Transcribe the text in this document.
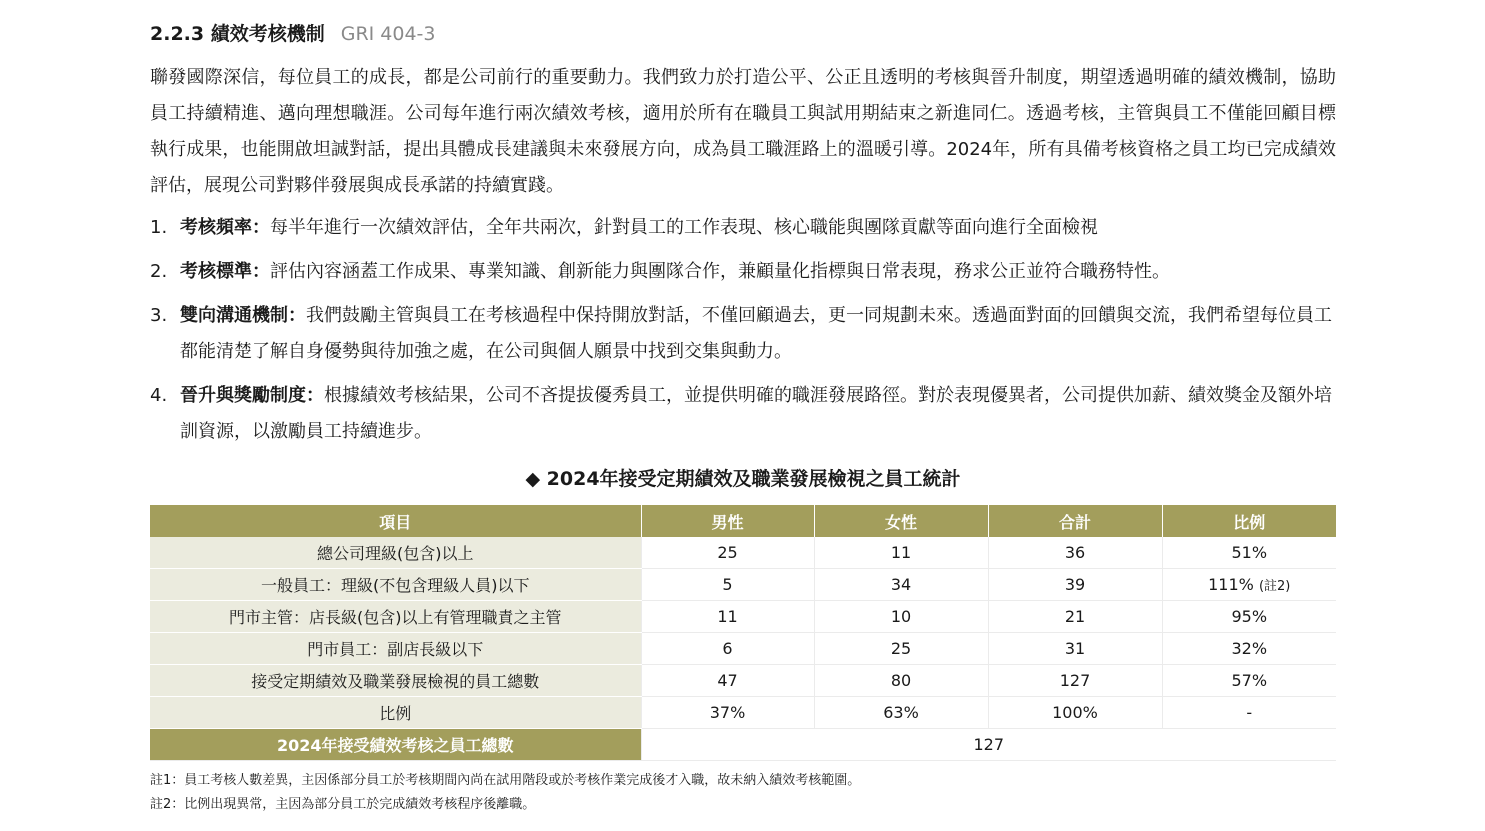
2.2.3 績效考核機制 GRI 404-3

聯發國際深信，每位員工的成長，都是公司前行的重要動力。我們致力於打造公平、公正且透明的考核與晉升制度，期望透過明確的績效機制，協助員工持續精進、邁向理想職涯。公司每年進行兩次績效考核，適用於所有在職員工與試用期結束之新進同仁。透過考核，主管與員工不僅能回顧目標執行成果，也能開啟坦誠對話，提出具體成長建議與未來發展方向，成為員工職涯路上的溫暖引導。2024年，所有具備考核資格之員工均已完成績效評估，展現公司對夥伴發展與成長承諾的持續實踐。

1. 考核頻率：每半年進行一次績效評估，全年共兩次，針對員工的工作表現、核心職能與團隊貢獻等面向進行全面檢視
2. 考核標準：評估內容涵蓋工作成果、專業知識、創新能力與團隊合作，兼顧量化指標與日常表現，務求公正並符合職務特性。
3. 雙向溝通機制：我們鼓勵主管與員工在考核過程中保持開放對話，不僅回顧過去，更一同規劃未來。透過面對面的回饋與交流，我們希望每位員工都能清楚了解自身優勢與待加強之處，在公司與個人願景中找到交集與動力。
4. 晉升與獎勵制度：根據績效考核結果，公司不吝提拔優秀員工，並提供明確的職涯發展路徑。對於表現優異者，公司提供加薪、績效獎金及額外培訓資源，以激勵員工持續進步。
◆ 2024年接受定期績效及職業發展檢視之員工統計
項目	男性	女性	合計	比例
總公司理級(包含)以上	25	11	36	51%
一般員工：理級(不包含理級人員)以下	5	34	39	111% (註2)
門市主管：店長級(包含)以上有管理職責之主管	11	10	21	95%
門市員工：副店長級以下	6	25	31	32%
接受定期績效及職業發展檢視的員工總數	47	80	127	57%
比例	37%	63%	100%	-
2024年接受績效考核之員工總數	127			
註1：員工考核人數差異，主因係部分員工於考核期間內尚在試用階段或於考核作業完成後才入職，故未納入績效考核範圍。
註2：比例出現異常，主因為部分員工於完成績效考核程序後離職。
